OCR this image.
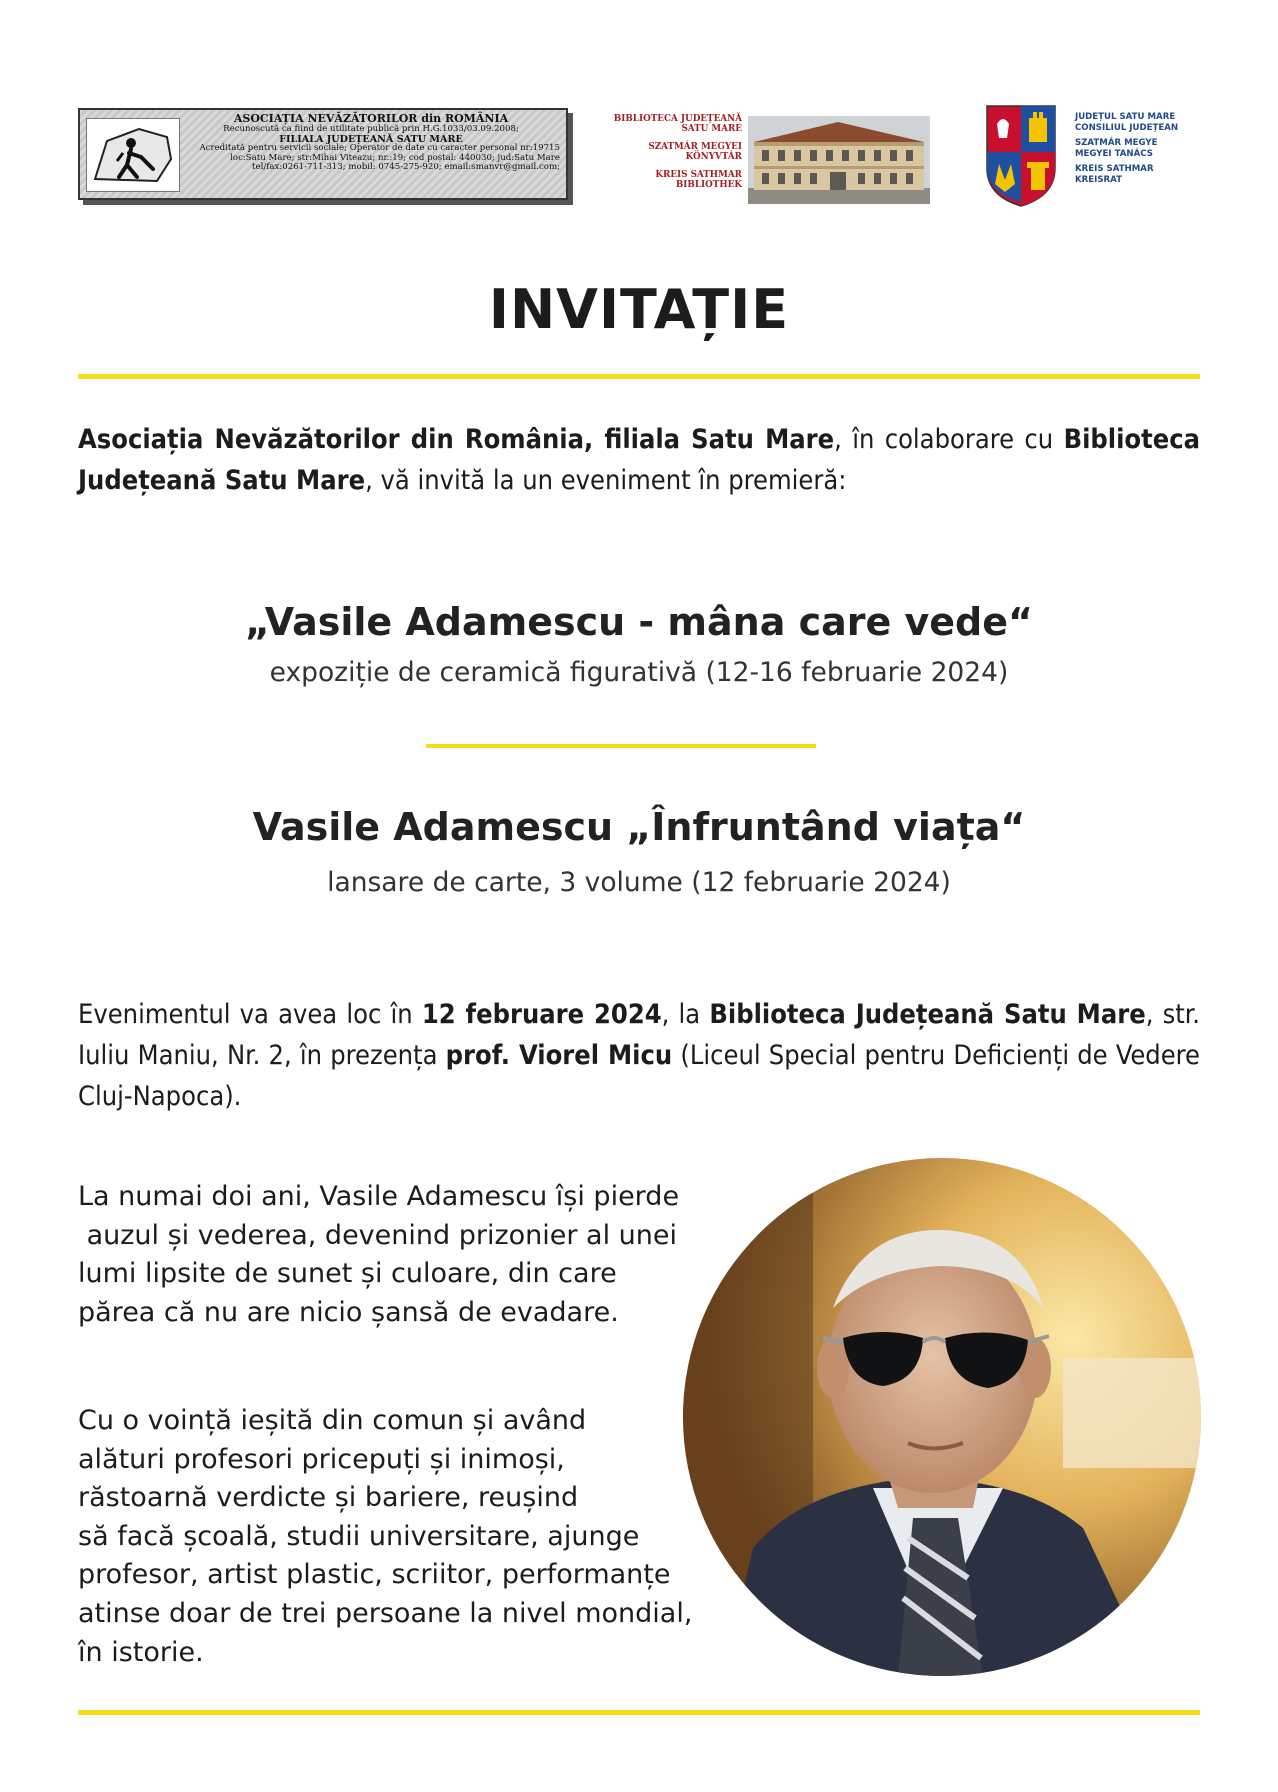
ASOCIAȚIA NEVĂZĂTORILOR din ROMÂNIA
Recunoscută ca fiind de utilitate publică prin H.G.1033/03.09.2008;
FILIALA JUDEȚEANĂ SATU MARE
Acreditată pentru servicii sociale; Operator de date cu caracter personal nr:19715
loc:Satu Mare; str:Mihai Viteazu; nr.:19; cod poștal: 440030; jud:Satu Mare
tel/fax:0261-711-313; mobil: 0745-275-920; email:smanvr@gmail.com;
BIBLIOTECA JUDEȚEANĂ
SATU MARE
SZATMÁR MEGYEI
KÖNYVTÁR
KREIS SATHMAR
BIBLIOTHEK
JUDEȚUL SATU MARE
CONSILIUL JUDEȚEAN
SZATMÁR MEGYE
MEGYEI TANÁCS
KREIS SATHMAR
KREISRAT
INVITAȚIE
Asociația Nevăzătorilor din România, filiala Satu Mare, în colaborare cu Biblioteca Județeană Satu Mare, vă invită la un eveniment în premieră:
„Vasile Adamescu - mâna care vede“
expoziție de ceramică figurativă (12-16 februarie 2024)
Vasile Adamescu „Înfruntând viața“
lansare de carte, 3 volume (12 februarie 2024)
Evenimentul va avea loc în 12 februare 2024, la Biblioteca Județeană Satu Mare, str. Iuliu Maniu, Nr. 2, în prezența prof. Viorel Micu (Liceul Special pentru Deficienți de Vedere Cluj-Napoca).
La numai doi ani, Vasile Adamescu își pierde
auzul și vederea, devenind prizonier al unei
lumi lipsite de sunet și culoare, din care
părea că nu are nicio șansă de evadare.
Cu o voință ieșită din comun și având
alături profesori pricepuți și inimoși,
răstoarnă verdicte și bariere, reușind
să facă școală, studii universitare, ajunge
profesor, artist plastic, scriitor, performanțe
atinse doar de trei persoane la nivel mondial,
în istorie.
